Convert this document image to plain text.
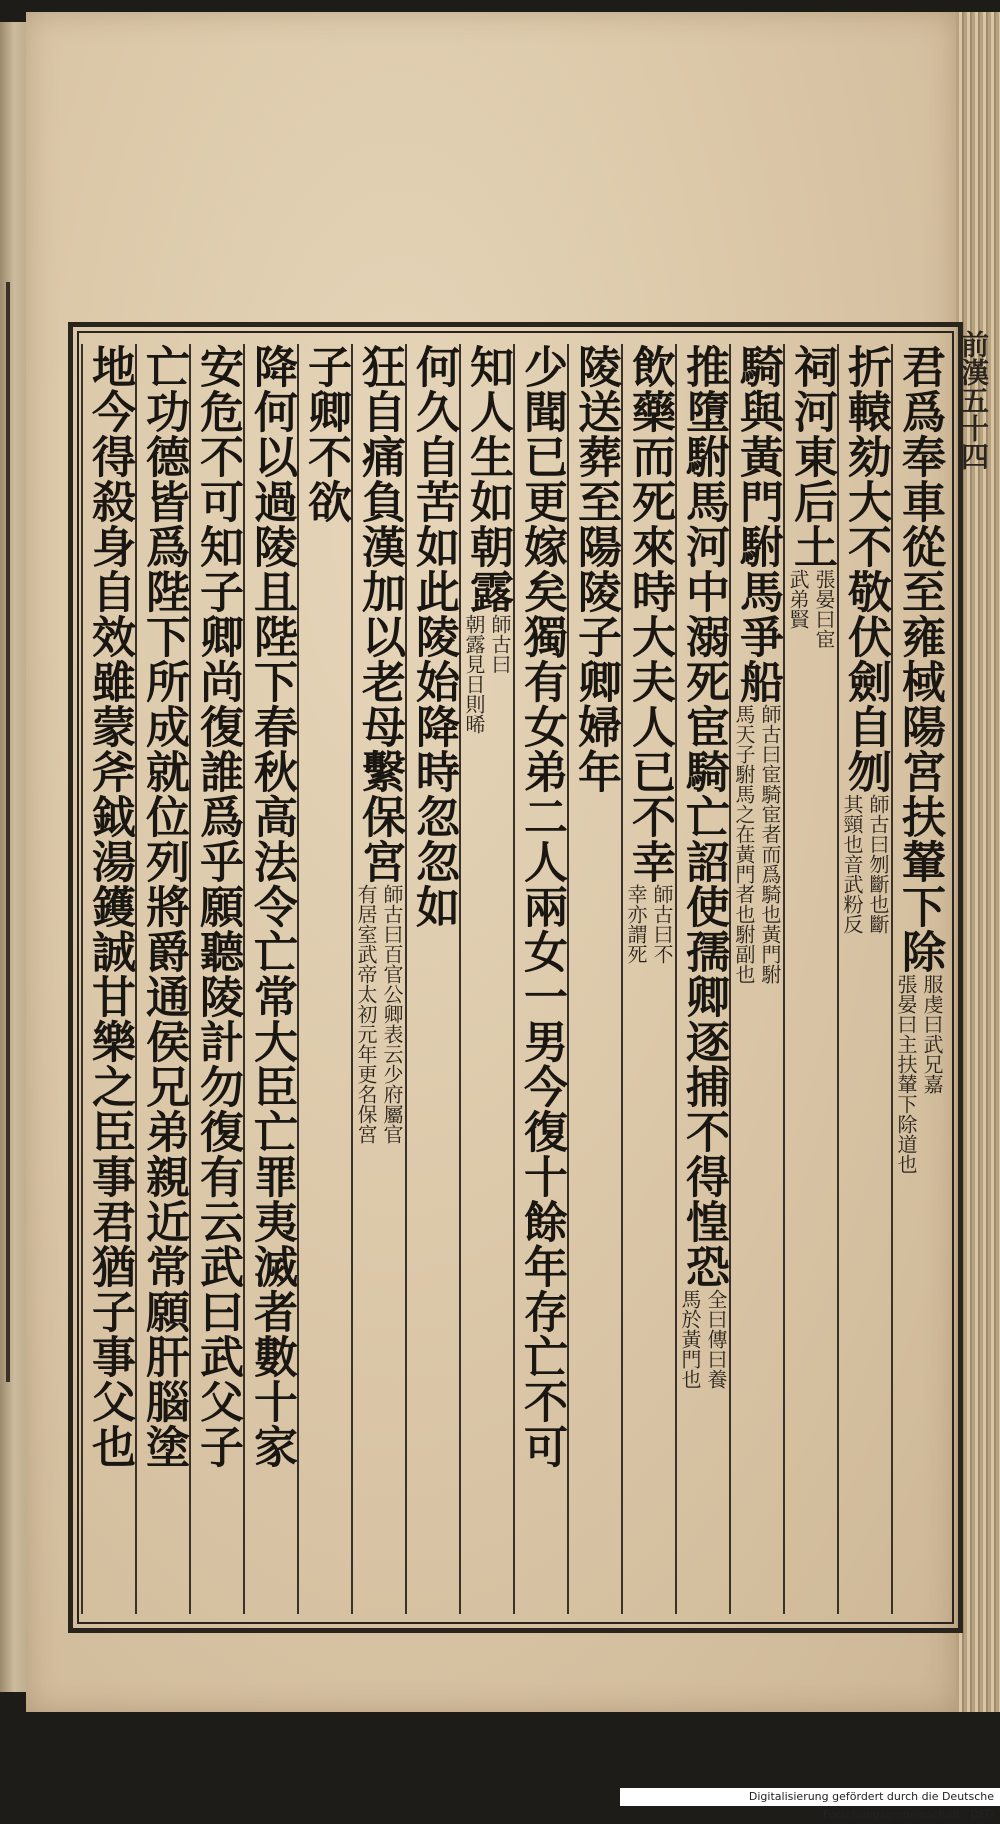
前漢五十四
君爲奉車從至雍棫陽宮扶輦下除
服虔曰武兄嘉
張晏曰主扶輦下除道也
折轅劾大不敬伏劍自刎
師古曰刎斷也斷
其頸也音武粉反
祠河東后土
張晏曰宦
武弟賢
騎與黃門駙馬爭船
師古曰宦騎宦者而爲騎也黃門駙
馬天子駙馬之在黃門者也駙副也
推墮駙馬河中溺死宦騎亡詔使孺卿逐捕不得惶恐
全曰傳曰養
馬於黃門也
飲藥而死來時大夫人已不幸
師古曰不
幸亦謂死
陵送葬至陽陵子卿婦年
少聞已更嫁矣獨有女弟二人兩女一男今復十餘年存亡不可
知人生如朝露
師古曰
朝露見日則晞
何久自苦如此陵始降時忽忽如
狂自痛負漢加以老母繫保宮
師古曰百官公卿表云少府屬官
有居室武帝太初元年更名保宮
子卿不欲
降何以過陵且陛下春秋高法令亡常大臣亡罪夷滅者數十家
安危不可知子卿尚復誰爲乎願聽陵計勿復有云武曰武父子
亡功德皆爲陛下所成就位列將爵通侯兄弟親近常願肝腦塗
地今得殺身自效雖蒙斧鉞湯鑊誠甘樂之臣事君猶子事父也
Digitalisierung gefördert durch die Deutsche Forschungsgemeinschaft · DFG
